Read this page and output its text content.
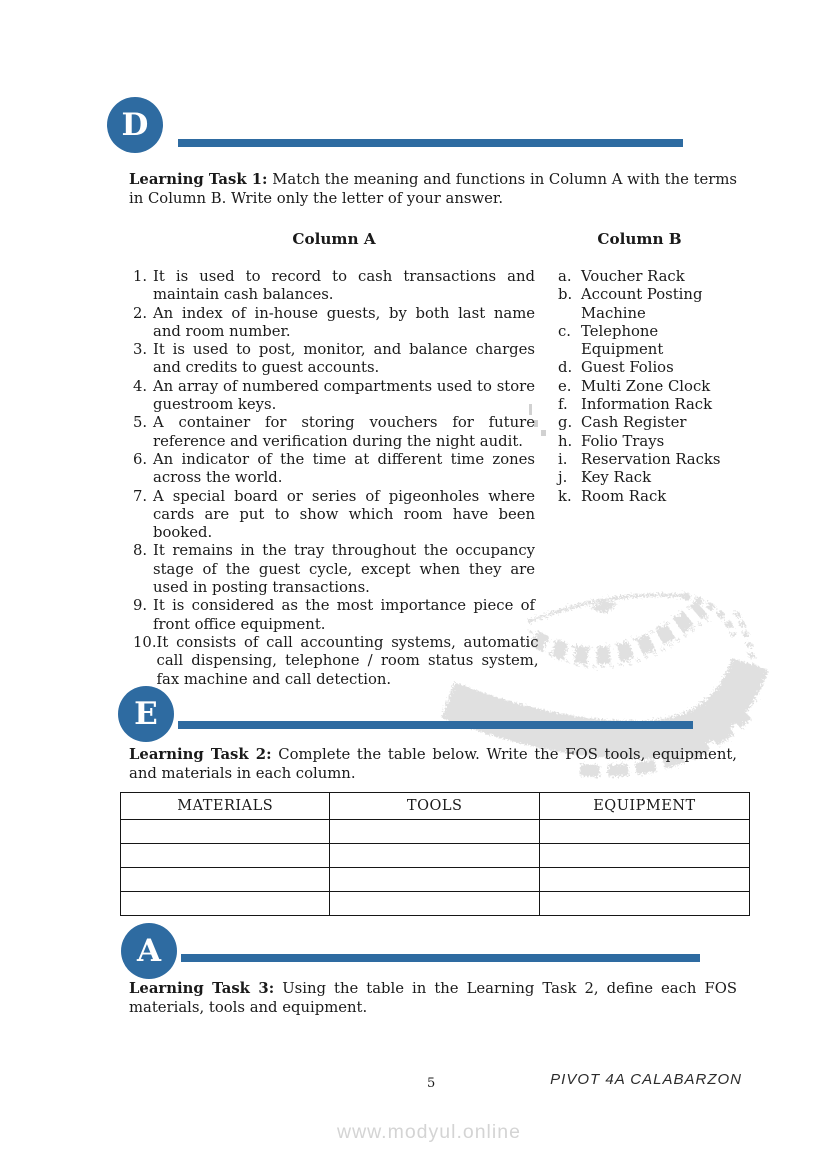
D
Learning Task 1: Match the meaning and functions in Column A with the terms in Column B. Write only the letter of your answer.
Column A	Column B
1. It is used to record to cash transactions and maintain cash balances.
2. An index of in-house guests, by both last name and room number.
3. It is used to post, monitor, and balance charges and credits to guest accounts.
4. An array of numbered compartments used to store guestroom keys.
5. A container for storing vouchers for future reference and verification during the night audit.
6. An indicator of the time at different time zones across the world.
7. A special board or series of pigeonholes where cards are put to show which room have been booked.
8. It remains in the tray throughout the occupancy stage of the guest cycle, except when they are used in posting transactions.
9. It is considered as the most importance piece of front office equipment.
10. It consists of call accounting systems, automatic call dispensing, telephone / room status system, fax machine and call detection.
a. Voucher Rack
b. Account Posting Machine
c. Telephone Equipment
d. Guest Folios
e. Multi Zone Clock
f. Information Rack
g. Cash Register
h. Folio Trays
i. Reservation Racks
j. Key Rack
k. Room Rack
E
Learning Task 2: Complete the table below. Write the FOS tools, equipment, and materials in each column.
MATERIALS	TOOLS	EQUIPMENT

A
Learning Task 3: Using the table in the Learning Task 2, define each FOS materials, tools and equipment.
5	PIVOT 4A CALABARZON
www.modyul.online
